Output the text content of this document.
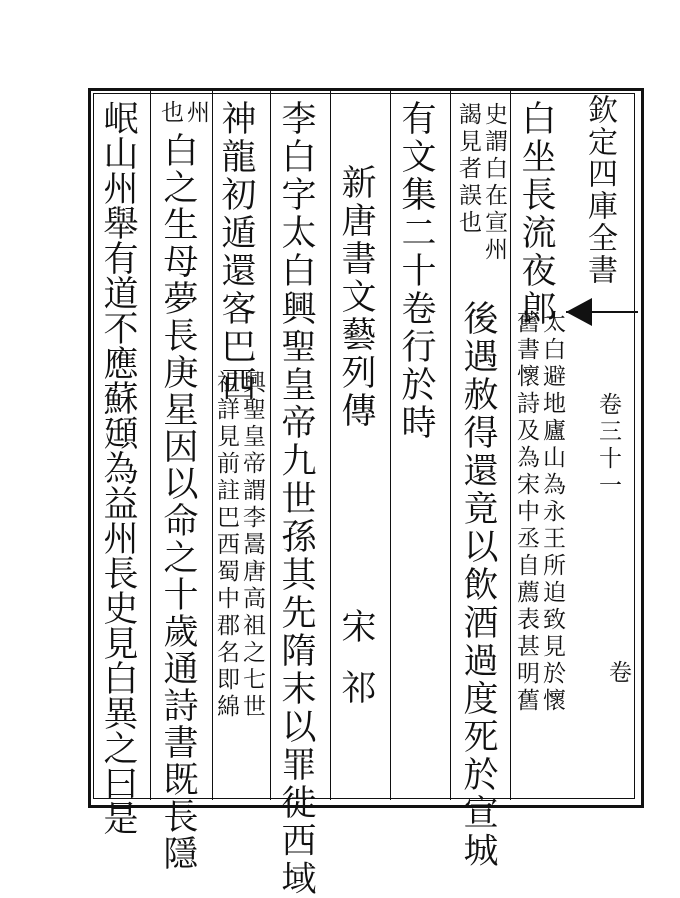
欽定四庫全書
卷三十一
卷
白坐長流夜郎
太白避地廬山為永王所迫致見於懷
舊書懷詩及為宋中丞自薦表甚明舊
史謂白在宣州
謁見者誤也
後遇赦得還竟以飲酒過度死於宣城
有文集二十卷行於時
新唐書文藝列傳
宋祁
李白字太白興聖皇帝九世孫其先隋末以罪徙西域
神龍初遁還客巴西
興聖皇帝謂李暠唐高祖之七世
祖詳見前註巴西蜀中郡名即綿
州
也
白之生母夢長庚星因以命之十歲通詩書既長隱
岷山州舉有道不應蘇頲為益州長史見白異之曰是
